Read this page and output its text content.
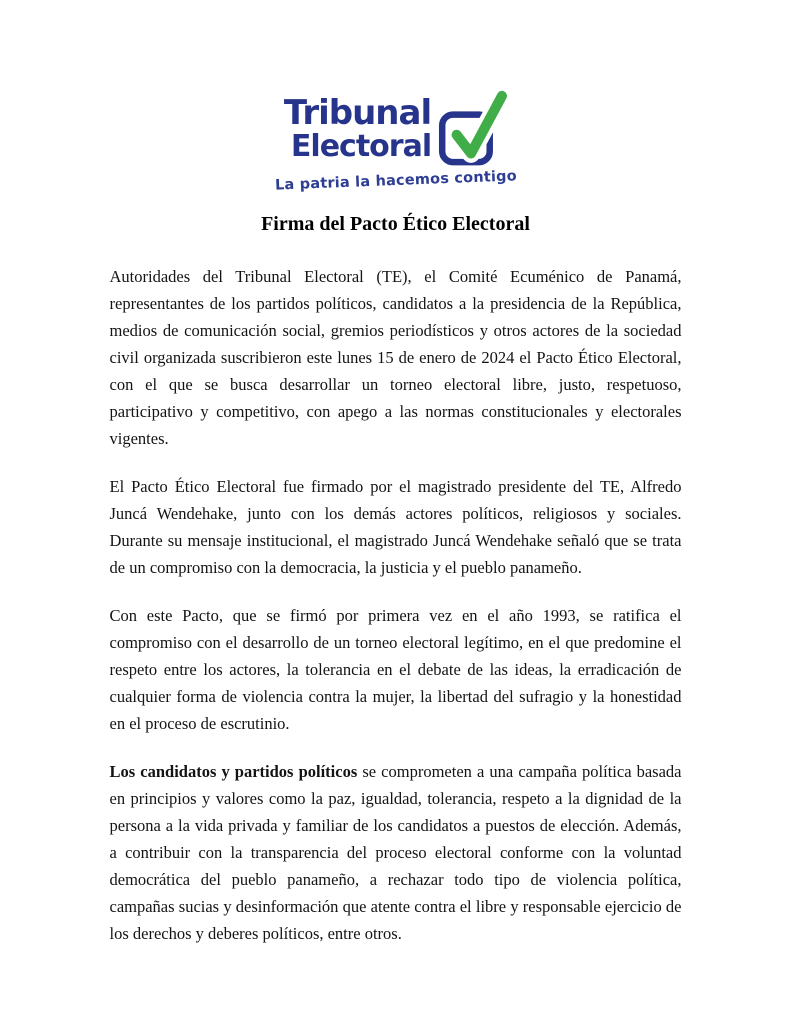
Tribunal
Electoral
La patria la hacemos contigo
Firma del Pacto Ético Electoral

Autoridades del Tribunal Electoral (TE), el Comité Ecuménico de Panamá, representantes de los partidos políticos, candidatos a la presidencia de la República, medios de comunicación social, gremios periodísticos y otros actores de la sociedad civil organizada suscribieron este lunes 15 de enero de 2024 el Pacto Ético Electoral, con el que se busca desarrollar un torneo electoral libre, justo, respetuoso, participativo y competitivo, con apego a las normas constitucionales y electorales vigentes.

El Pacto Ético Electoral fue firmado por el magistrado presidente del TE, Alfredo Juncá Wendehake, junto con los demás actores políticos, religiosos y sociales. Durante su mensaje institucional, el magistrado Juncá Wendehake señaló que se trata de un compromiso con la democracia, la justicia y el pueblo panameño.

Con este Pacto, que se firmó por primera vez en el año 1993, se ratifica el compromiso con el desarrollo de un torneo electoral legítimo, en el que predomine el respeto entre los actores, la tolerancia en el debate de las ideas, la erradicación de cualquier forma de violencia contra la mujer, la libertad del sufragio y la honestidad en el proceso de escrutinio.

Los candidatos y partidos políticos se comprometen a una campaña política basada en principios y valores como la paz, igualdad, tolerancia, respeto a la dignidad de la persona a la vida privada y familiar de los candidatos a puestos de elección. Además, a contribuir con la transparencia del proceso electoral conforme con la voluntad democrática del pueblo panameño, a rechazar todo tipo de violencia política, campañas sucias y desinformación que atente contra el libre y responsable ejercicio de los derechos y deberes políticos, entre otros.
